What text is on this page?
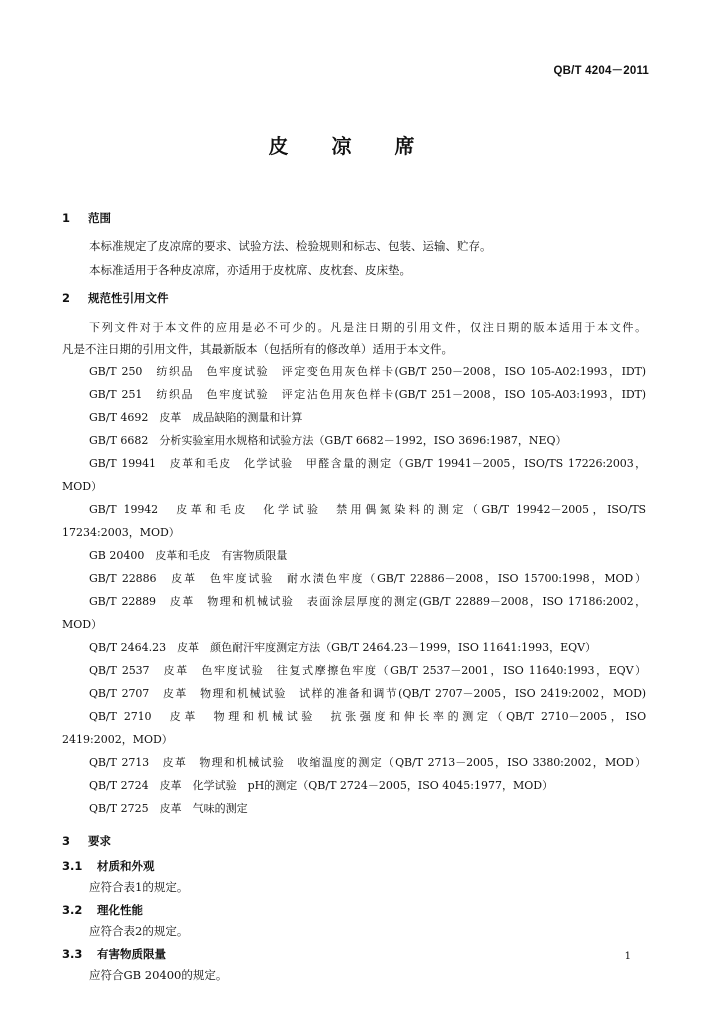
QB/T 4204－2011
皮 凉 席
1 范围
本标准规定了皮凉席的要求、试验方法、检验规则和标志、包装、运输、贮存。
本标准适用于各种皮凉席，亦适用于皮枕席、皮枕套、皮床垫。
2 规范性引用文件
下列文件对于本文件的应用是必不可少的。凡是注日期的引用文件，仅注日期的版本适用于本文件。
凡是不注日期的引用文件，其最新版本（包括所有的修改单）适用于本文件。
GB/T 250　纺织品　色牢度试验　评定变色用灰色样卡(GB/T 250－2008，ISO 105-A02:1993，IDT)
GB/T 251　纺织品　色牢度试验　评定沾色用灰色样卡(GB/T 251－2008，ISO 105-A03:1993，IDT)
GB/T 4692　皮革　成品缺陷的测量和计算
GB/T 6682　分析实验室用水规格和试验方法（GB/T 6682－1992，ISO 3696:1987，NEQ）
GB/T 19941　皮革和毛皮　化学试验　甲醛含量的测定（GB/T 19941－2005，ISO/TS 17226:2003，
MOD）
GB/T 19942　皮革和毛皮　化学试验　禁用偶氮染料的测定（GB/T 19942－2005，ISO/TS
17234:2003，MOD）
GB 20400　皮革和毛皮　有害物质限量
GB/T 22886　皮革　色牢度试验　耐水渍色牢度（GB/T 22886－2008，ISO 15700:1998，MOD）
GB/T 22889　皮革　物理和机械试验　表面涂层厚度的测定(GB/T 22889－2008，ISO 17186:2002，
MOD）
QB/T 2464.23　皮革　颜色耐汗牢度测定方法（GB/T 2464.23－1999，ISO 11641:1993，EQV）
QB/T 2537　皮革　色牢度试验　往复式摩擦色牢度（GB/T 2537－2001，ISO 11640:1993，EQV）
QB/T 2707　皮革　物理和机械试验　试样的准备和调节(QB/T 2707－2005，ISO 2419:2002，MOD)
QB/T 2710　皮革　物理和机械试验　抗张强度和伸长率的测定（QB/T 2710－2005，ISO
2419:2002，MOD）
QB/T 2713　皮革　物理和机械试验　收缩温度的测定（QB/T 2713－2005，ISO 3380:2002，MOD）
QB/T 2724　皮革　化学试验　pH的测定（QB/T 2724－2005，ISO 4045:1977，MOD）
QB/T 2725　皮革　气味的测定
3 要求
3.1 材质和外观
应符合表1的规定。
3.2 理化性能
应符合表2的规定。
3.3 有害物质限量
应符合GB 20400的规定。
1
